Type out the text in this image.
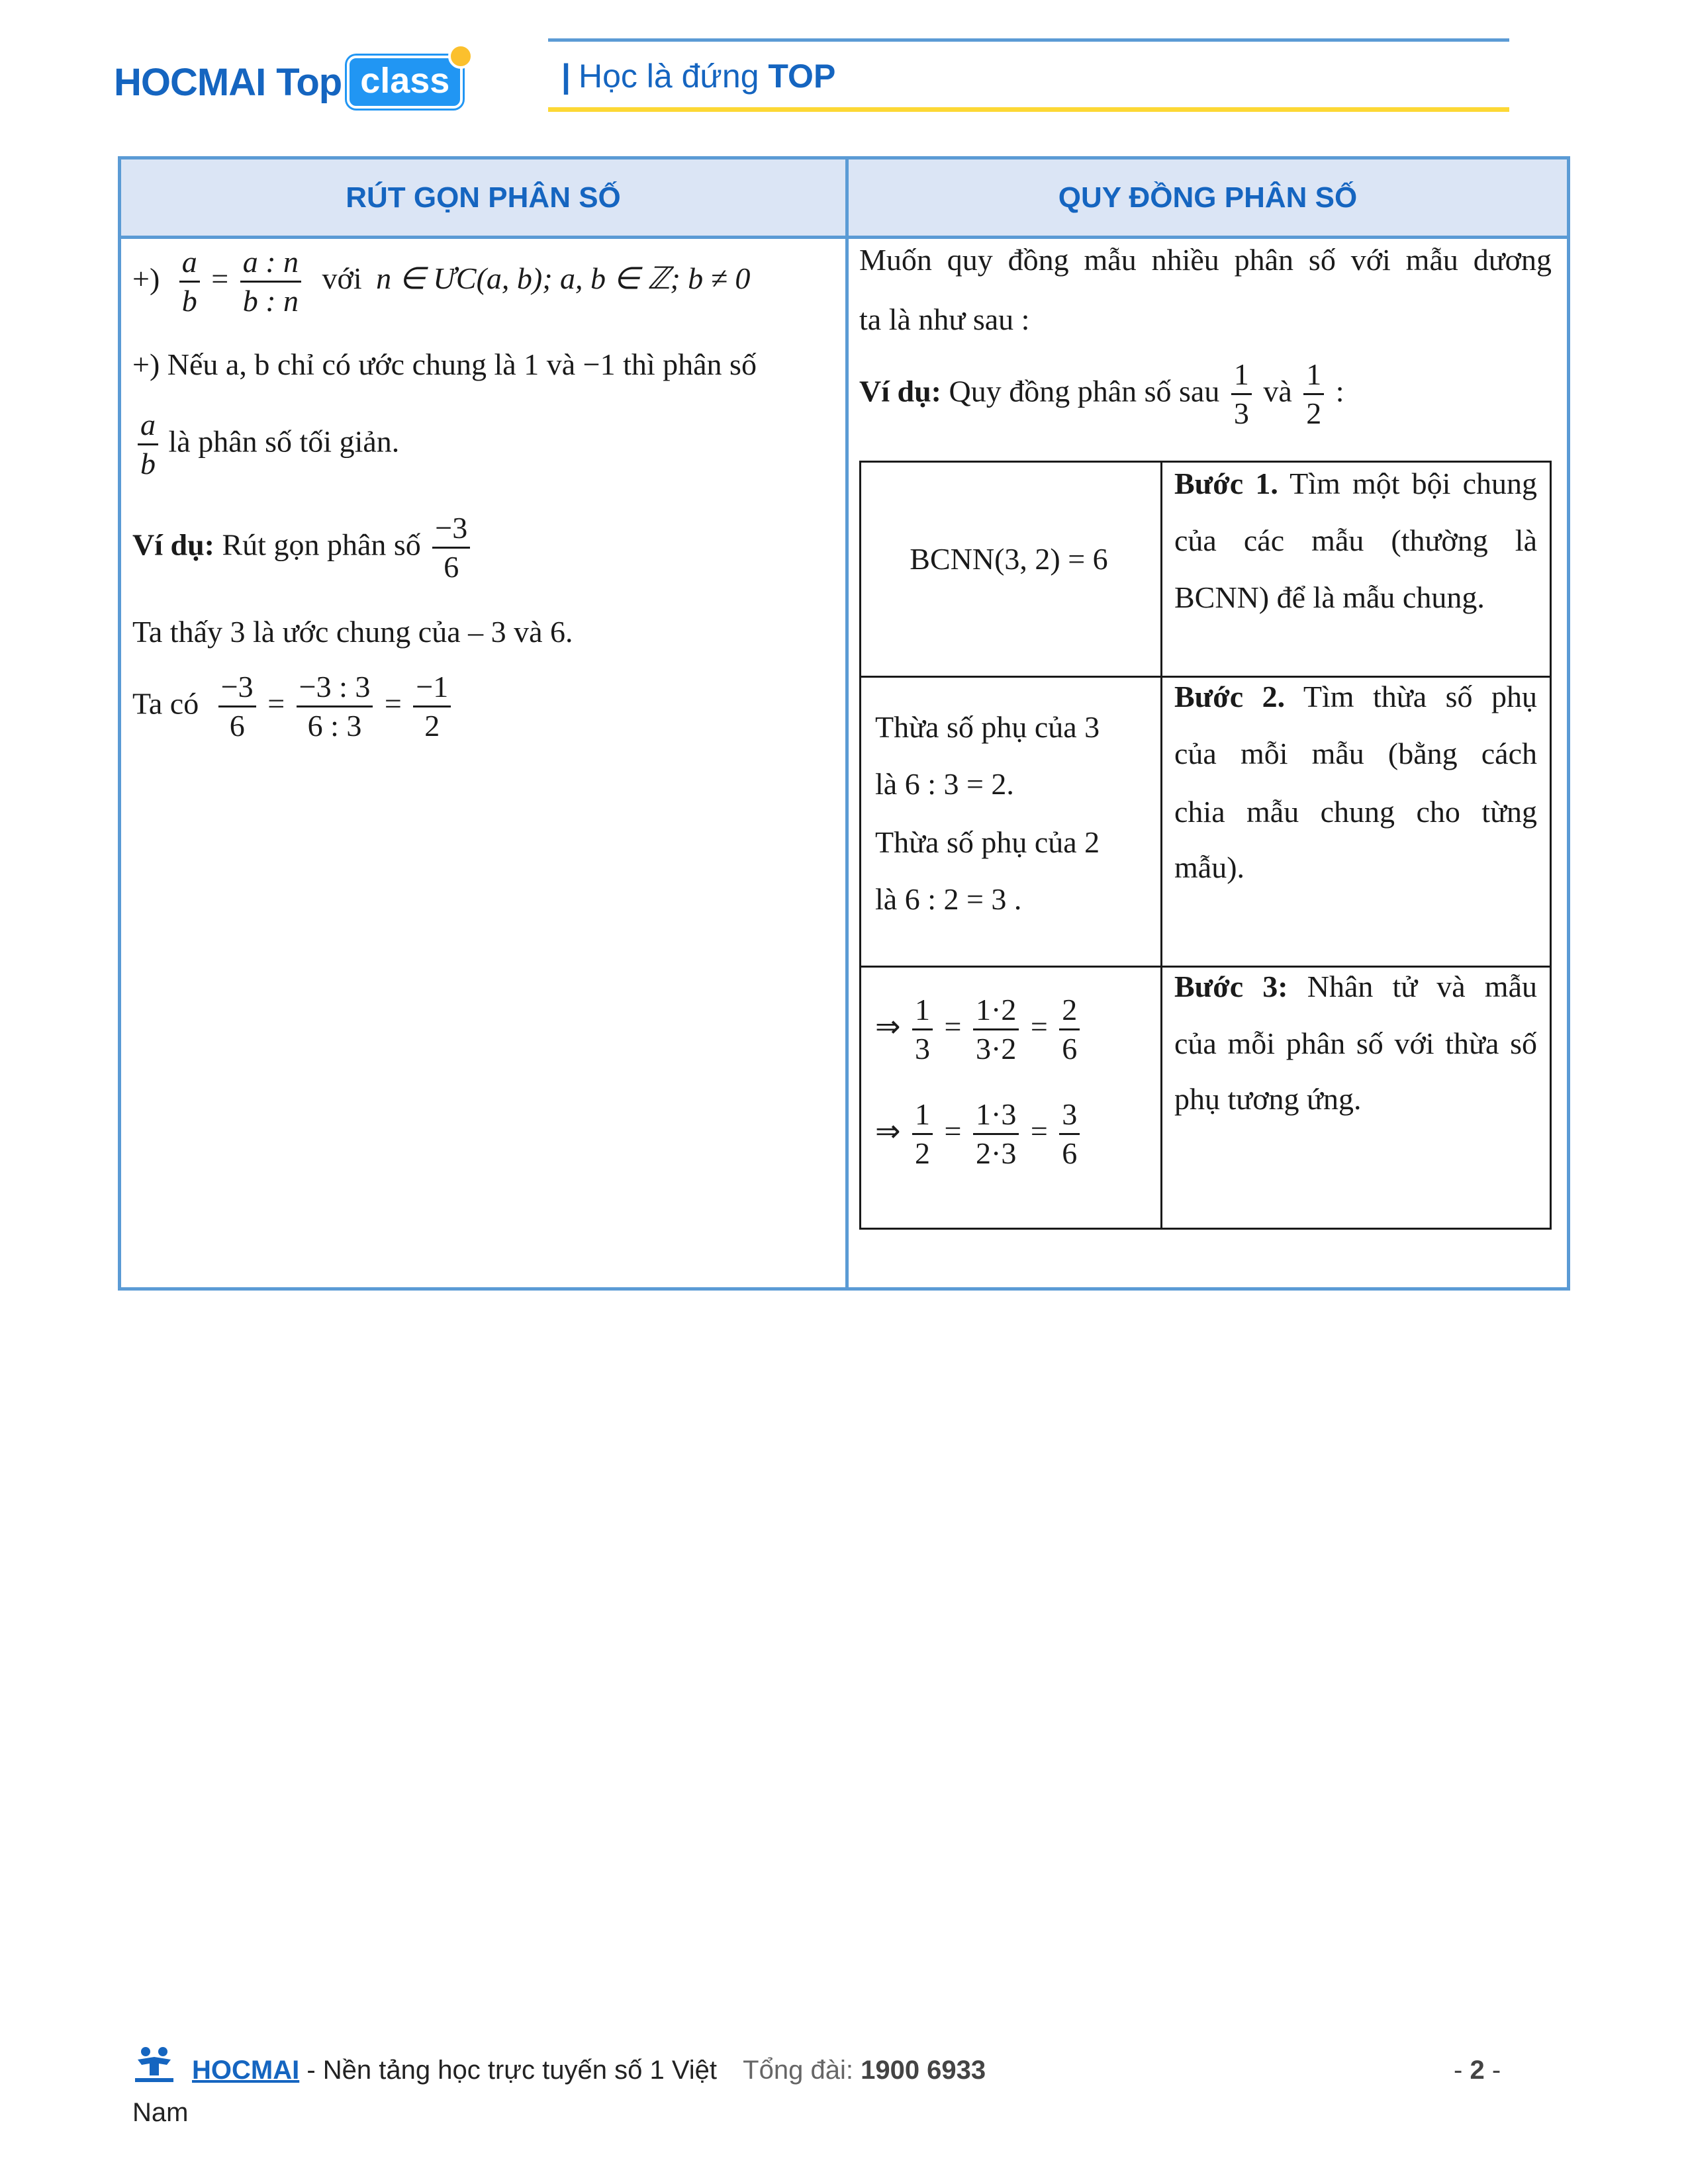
HOCMAI Top class	| Học là đứng TOP
RÚT GỌN PHÂN SỐ	QUY ĐỒNG PHÂN SỐ
+) $\frac{a}{b} = \frac{a : n}{b : n}$ với n ∈ ƯC(a, b); a, b ∈ ℤ; b ≠ 0
+) Nếu a, b chỉ có ước chung là 1 và −1 thì phân số
$\frac{a}{b}$ là phân số tối giản.
Ví dụ: Rút gọn phân số $\frac{-3}{6}$
Ta thấy 3 là ước chung của – 3 và 6.
Ta có $\frac{-3}{6} = \frac{-3 : 3}{6 : 3} = \frac{-1}{2}$
Muốn quy đồng mẫu nhiều phân số với mẫu dương
ta là như sau :
Ví dụ: Quy đồng phân số sau $\frac{1}{3}$ và $\frac{1}{2}$ :
BCNN(3, 2) = 6
Bước 1. Tìm một bội chung
của các mẫu (thường là
BCNN) để là mẫu chung.
Thừa số phụ của 3
là 6 : 3 = 2.
Thừa số phụ của 2
là 6 : 2 = 3 .
Bước 2. Tìm thừa số phụ
của mỗi mẫu (bằng cách
chia mẫu chung cho từng
mẫu).
⇒ $\frac{1}{3} = \frac{1\cdot 2}{3\cdot 2} = \frac{2}{6}$
⇒ $\frac{1}{2} = \frac{1\cdot 3}{2\cdot 3} = \frac{3}{6}$
Bước 3: Nhân tử và mẫu
của mỗi phân số với thừa số
phụ tương ứng.
HOCMAI - Nền tảng học trực tuyến số 1 Việt Tổng đài: 1900 6933
Nam
- 2 -
